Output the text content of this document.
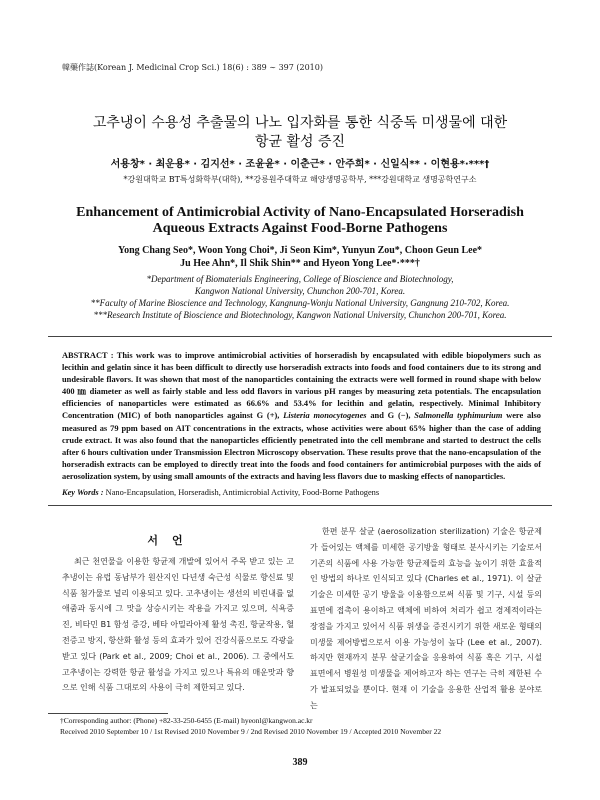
韓藥作誌(Korean J. Medicinal Crop Sci.) 18(6) : 389 ∼ 397 (2010)
고추냉이 수용성 추출물의 나노 입자화를 통한 식중독 미생물에 대한
항균 활성 증진
서용창* · 최운용* · 김지선* · 조윤윤* · 이춘근* · 안주희* · 신일식** · 이현용*·***†
*강원대학교 BT특성화학부(대학), **강릉원주대학교 해양생명공학부, ***강원대학교 생명공학연구소
Enhancement of Antimicrobial Activity of Nano-Encapsulated Horseradish
Aqueous Extracts Against Food-Borne Pathogens
Yong Chang Seo*, Woon Yong Choi*, Ji Seon Kim*, Yunyun Zou*, Choon Geun Lee*
Ju Hee Ahn*, Il Shik Shin** and Hyeon Yong Lee*·***†
*Department of Biomaterials Engineering, College of Bioscience and Biotechnology,
Kangwon National University, Chunchon 200-701, Korea.
**Faculty of Marine Bioscience and Technology, Kangnung-Wonju National University, Gangnung 210-702, Korea.
***Research Institute of Bioscience and Biotechnology, Kangwon National University, Chunchon 200-701, Korea.
ABSTRACT : This work was to improve antimicrobial activities of horseradish by encapsulated with edible biopolymers such as lecithin and gelatin since it has been difficult to directly use horseradish extracts into foods and food containers due to its strong and undesirable flavors. It was shown that most of the nanoparticles containing the extracts were well formed in round shape with below 400 ㎚ diameter as well as fairly stable and less odd flavors in various pH ranges by measuring zeta potentials. The encapsulation efficiencies of nanoparticles were estimated as 66.6% and 53.4% for lecithin and gelatin, respectively. Minimal Inhibitory Concentration (MIC) of both nanoparticles against G (+), Listeria monocytogenes and G (−), Salmonella typhimurium were also measured as 79 ppm based on AIT concentrations in the extracts, whose activities were about 65% higher than the case of adding crude extract. It was also found that the nanoparticles efficiently penetrated into the cell membrane and started to destruct the cells after 6 hours cultivation under Transmission Electron Microscopy observation. These results prove that the nano-encapsulation of the horseradish extracts can be employed to directly treat into the foods and food containers for antimicrobial purposes with the aids of aerosolization system, by using small amounts of the extracts and having less flavors due to masking effects of nanoparticles.
Key Words : Nano-Encapsulation, Horseradish, Antimicrobial Activity, Food-Borne Pathogens
서언
최근 천연물을 이용한 항균제 개발에 있어서 주목 받고 있는 고추냉이는 유럽 동남부가 원산지인 다년생 숙근성 식물로 향신료 및 식품 첨가물로 널리 이용되고 있다. 고추냉이는 생선의 비린내를 없애줌과 동시에 그 맛을 상승시키는 작용을 가지고 있으며, 식욕증진, 비타민 B1 함성 증강, 베타 아밀라아제 활성 촉진, 항균작용, 혈전증고 방지, 항산화 활성 등의 효과가 있어 건강식품으로도 각광을 받고 있다 (Park et al., 2009; Choi et al., 2006). 그 중에서도 고추냉이는 강력한 항균 활성을 가지고 있으나 특유의 매운맛과 향으로 인해 식품 그대로의 사용이 극히 제한되고 있다.
한편 분무 살균 (aerosolization sterilization) 기술은 항균제가 들어있는 액체를 미세한 공기방울 형태로 분사시키는 기술로서 기존의 식품에 사용 가능한 항균제들의 효능을 높이기 위한 효율적인 방법의 하나로 인식되고 있다 (Charles et al., 1971). 이 살균 기술은 미세한 공기 방울을 이용함으로써 식품 및 기구, 시설 등의 표면에 접촉이 용이하고 액체에 비하여 처리가 쉽고 경제적이라는 장점을 가지고 있어서 식품 위생을 증진시키기 위한 새로운 형태의 미생물 제어방법으로서 이용 가능성이 높다 (Lee et al., 2007). 하지만 현재까지 분무 살균기술을 응용하여 식품 혹은 기구, 시설 표면에서 병원성 미생물을 제어하고자 하는 연구는 극히 제한된 수가 발표되었을 뿐이다. 현재 이 기술을 응용한 산업적 활용 분야로는
†Corresponding author: (Phone) +82-33-250-6455 (E-mail) hyeonl@kangwon.ac.kr
Received 2010 September 10 / 1st Revised 2010 November 9 / 2nd Revised 2010 November 19 / Accepted 2010 November 22
389
